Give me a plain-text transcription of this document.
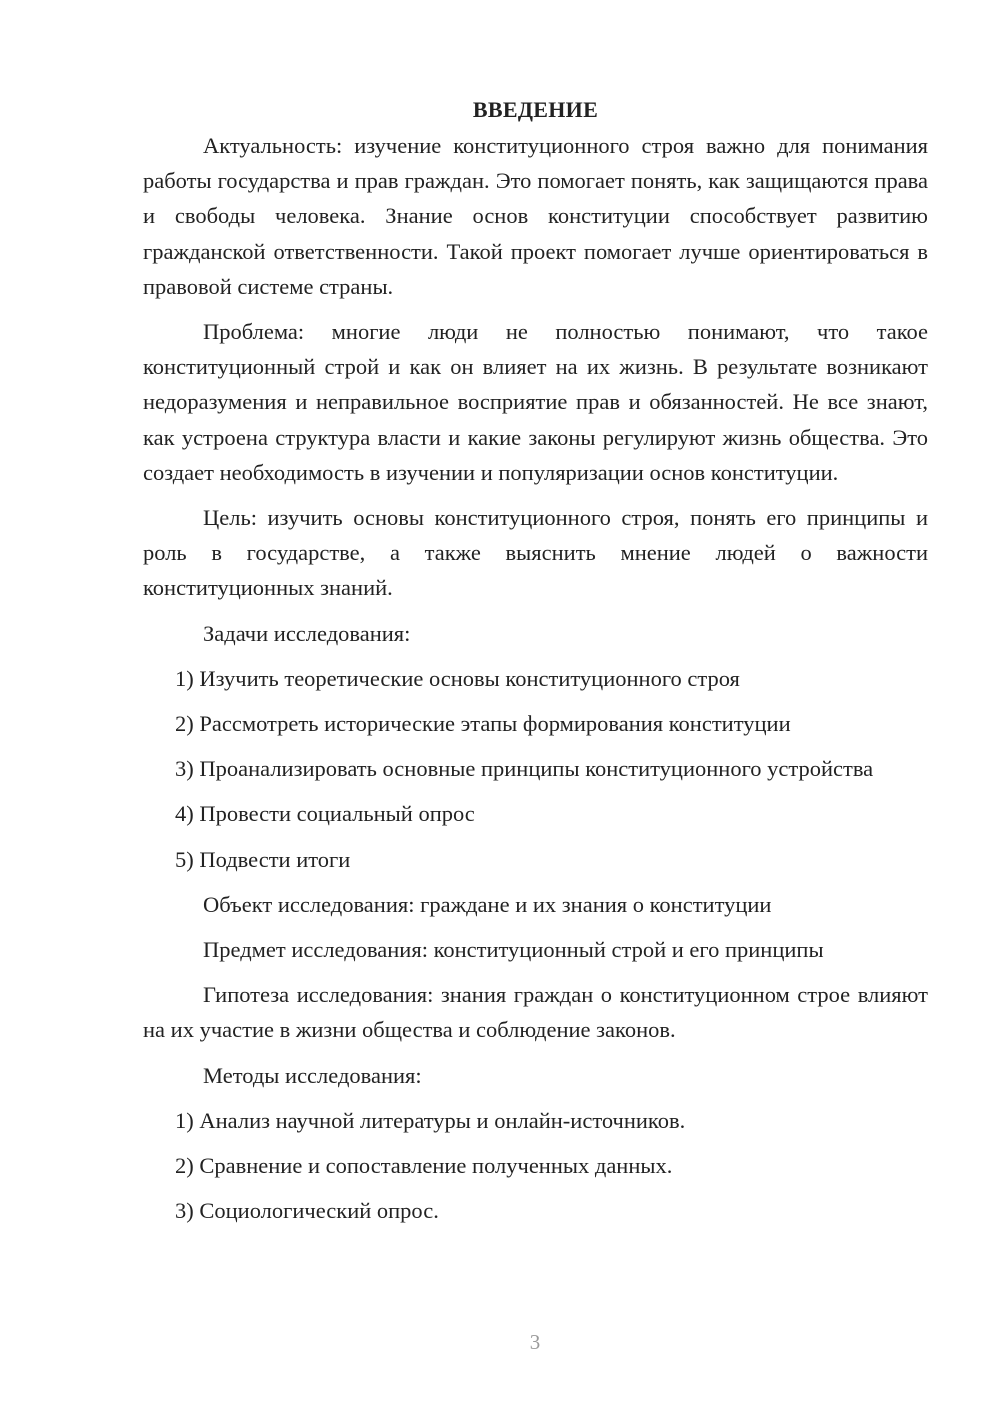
ВВЕДЕНИЕ

Актуальность: изучение конституционного строя важно для понимания работы государства и прав граждан. Это помогает понять, как защищаются права и свободы человека. Знание основ конституции способствует развитию гражданской ответственности. Такой проект помогает лучше ориентироваться в правовой системе страны.

Проблема: многие люди не полностью понимают, что такое конституционный строй и как он влияет на их жизнь. В результате возникают недоразумения и неправильное восприятие прав и обязанностей. Не все знают, как устроена структура власти и какие законы регулируют жизнь общества. Это создает необходимость в изучении и популяризации основ конституции.

Цель: изучить основы конституционного строя, понять его принципы и роль в государстве, а также выяснить мнение людей о важности конституционных знаний.

Задачи исследования:

1) Изучить теоретические основы конституционного строя

2) Рассмотреть исторические этапы формирования конституции

3) Проанализировать основные принципы конституционного устройства

4) Провести социальный опрос

5) Подвести итоги

Объект исследования: граждане и их знания о конституции

Предмет исследования: конституционный строй и его принципы

Гипотеза исследования: знания граждан о конституционном строе влияют на их участие в жизни общества и соблюдение законов.

Методы исследования:

1) Анализ научной литературы и онлайн-источников.

2) Сравнение и сопоставление полученных данных.

3) Социологический опрос.

3
